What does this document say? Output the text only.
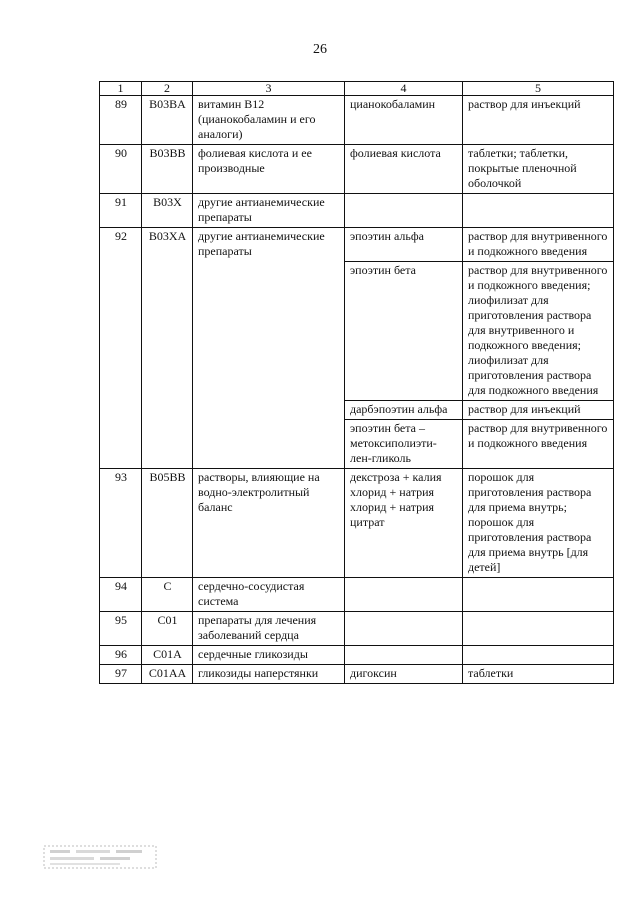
26
1	2	3	4	5
89	B03BA	витамин B12 (цианокобаламин и его аналоги)	цианокобаламин	раствор для инъекций
90	B03BB	фолиевая кислота и ее производные	фолиевая кислота	таблетки; таблетки, покрытые пленочной оболочкой
91	B03X	другие антианемические препараты		
92	B03XA	другие антианемические препараты	эпоэтин альфа	раствор для внутривенного и подкожного введения
			эпоэтин бета	раствор для внутривенного и подкожного введения; лиофилизат для приготовления раствора для внутривенного и подкожного введения; лиофилизат для приготовления раствора для подкожного введения
			дарбэпоэтин альфа	раствор для инъекций
			эпоэтин бета – метоксиполиэти-лен-гликоль	раствор для внутривенного и подкожного введения
93	B05BB	растворы, влияющие на водно-электролитный баланс	декстроза + калия хлорид + натрия хлорид + натрия цитрат	порошок для приготовления раствора для приема внутрь; порошок для приготовления раствора для приема внутрь [для детей]
94	C	сердечно-сосудистая система		
95	C01	препараты для лечения заболеваний сердца		
96	C01A	сердечные гликозиды		
97	C01AA	гликозиды наперстянки	дигоксин	таблетки
